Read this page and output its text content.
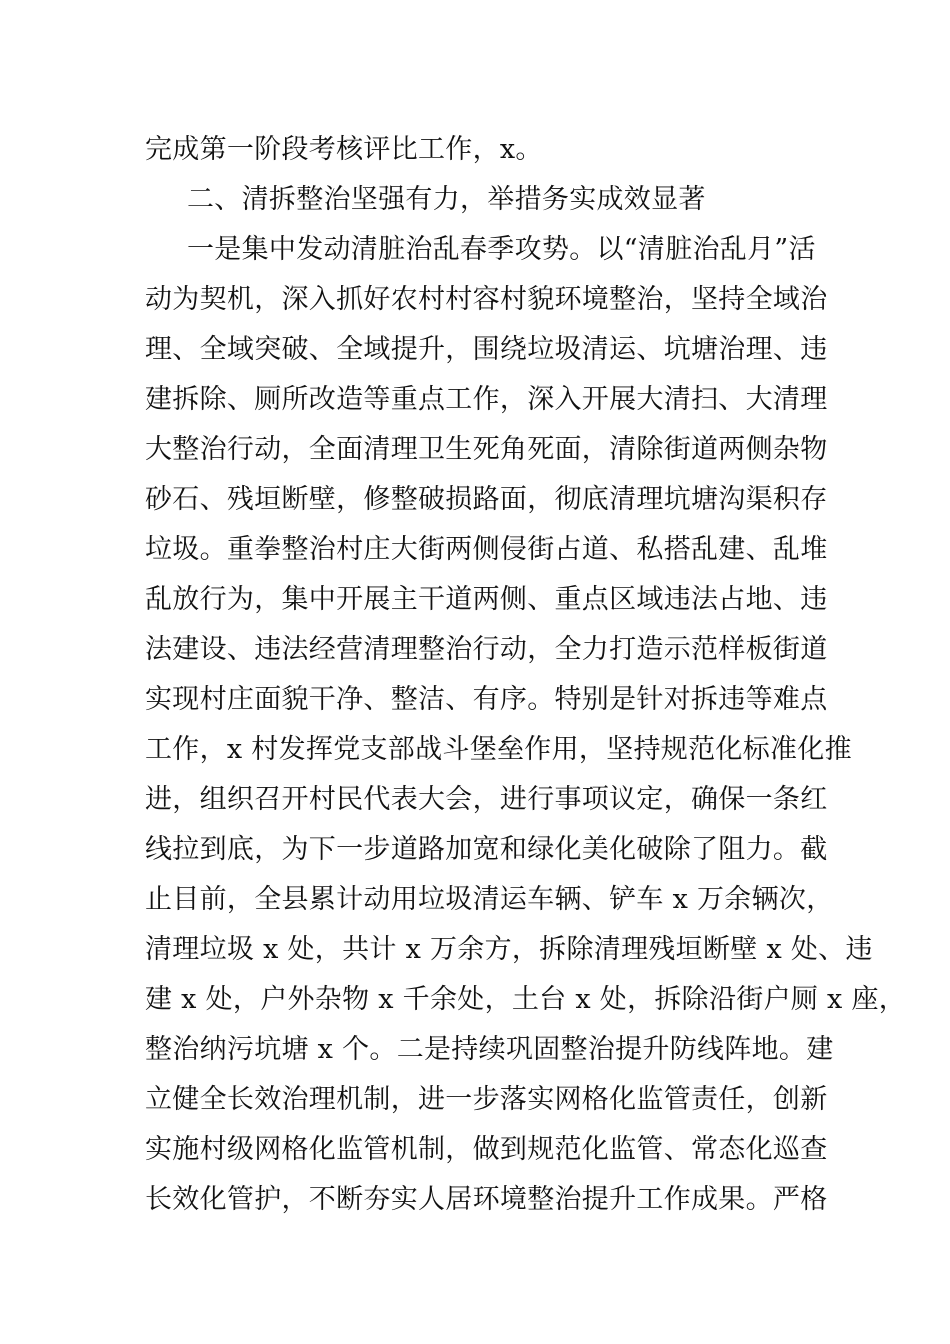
完成第一阶段考核评比工作，x。
二、清拆整治坚强有力，举措务实成效显著
一是集中发动清脏治乱春季攻势。以“清脏治乱月”活
动为契机，深入抓好农村村容村貌环境整治，坚持全域治
理、全域突破、全域提升，围绕垃圾清运、坑塘治理、违
建拆除、厕所改造等重点工作，深入开展大清扫、大清理
大整治行动，全面清理卫生死角死面，清除街道两侧杂物
砂石、残垣断壁，修整破损路面，彻底清理坑塘沟渠积存
垃圾。重拳整治村庄大街两侧侵街占道、私搭乱建、乱堆
乱放行为，集中开展主干道两侧、重点区域违法占地、违
法建设、违法经营清理整治行动，全力打造示范样板街道
实现村庄面貌干净、整洁、有序。特别是针对拆违等难点
工作，x 村发挥党支部战斗堡垒作用，坚持规范化标准化推
进，组织召开村民代表大会，进行事项议定，确保一条红
线拉到底，为下一步道路加宽和绿化美化破除了阻力。截
止目前，全县累计动用垃圾清运车辆、铲车 x 万余辆次，
清理垃圾 x 处，共计 x 万余方，拆除清理残垣断壁 x 处、违
建 x 处，户外杂物 x 千余处，土台 x 处，拆除沿街户厕 x 座，
整治纳污坑塘 x 个。二是持续巩固整治提升防线阵地。建
立健全长效治理机制，进一步落实网格化监管责任，创新
实施村级网格化监管机制，做到规范化监管、常态化巡查
长效化管护，不断夯实人居环境整治提升工作成果。严格
